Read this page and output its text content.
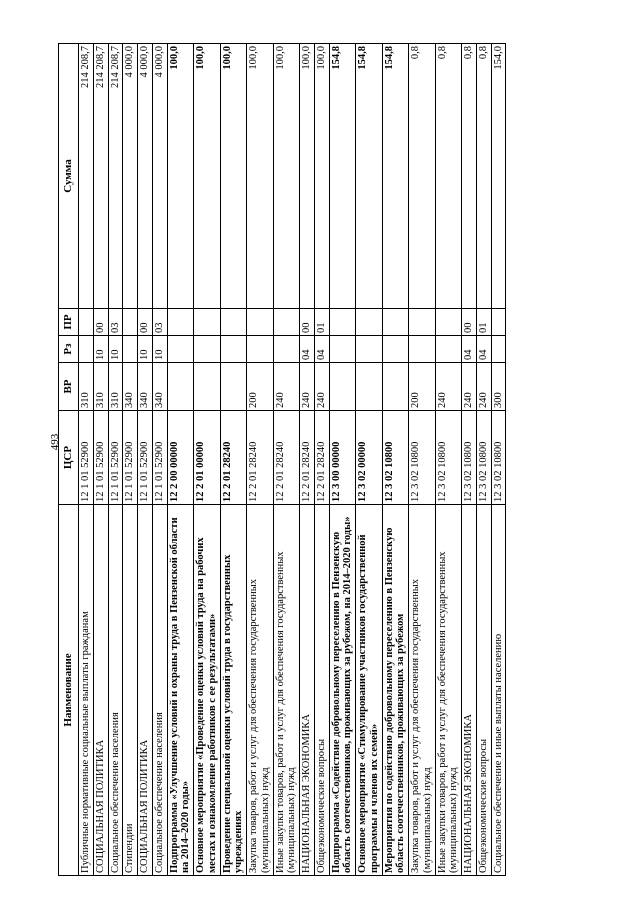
493
Наименование	ЦСР	ВР	Рз	ПР	Сумма
Публичные нормативные социальные выплаты гражданам	12 1 01 52900	310			214 208,7
СОЦИАЛЬНАЯ ПОЛИТИКА	12 1 01 52900	310	10	00	214 208,7
Социальное обеспечение населения	12 1 01 52900	310	10	03	214 208,7
Стипендии	12 1 01 52900	340			4 000,0
СОЦИАЛЬНАЯ ПОЛИТИКА	12 1 01 52900	340	10	00	4 000,0
Социальное обеспечение населения	12 1 01 52900	340	10	03	4 000,0
Подпрограмма «Улучшение условий и охраны труда в Пензенской области на 2014–2020 годы»	12 2 00 00000				100,0
Основное мероприятие «Проведение оценки условий труда на рабочих местах и ознакомление работников с ее результатами»	12 2 01 00000				100,0
Проведение специальной оценки условий труда в государственных учреждениях	12 2 01 28240				100,0
Закупка товаров, работ и услуг для обеспечения государственных (муниципальных) нужд	12 2 01 28240	200			100,0
Иные закупки товаров, работ и услуг для обеспечения государственных (муниципальных) нужд	12 2 01 28240	240			100,0
НАЦИОНАЛЬНАЯ ЭКОНОМИКА	12 2 01 28240	240	04	00	100,0
Общеэкономические вопросы	12 2 01 28240	240	04	01	100,0
Подпрограмма «Содействие добровольному переселению в Пензенскую область соотечественников, проживающих за рубежом, на 2014–2020 годы»	12 3 00 00000				154,8
Основное мероприятие «Стимулирование участников государственной программы и членов их семей»	12 3 02 00000				154,8
Мероприятия по содействию добровольному переселению в Пензенскую область соотечественников, проживающих за рубежом	12 3 02 10800				154,8
Закупка товаров, работ и услуг для обеспечения государственных (муниципальных) нужд	12 3 02 10800	200			0,8
Иные закупки товаров, работ и услуг для обеспечения государственных (муниципальных) нужд	12 3 02 10800	240			0,8
НАЦИОНАЛЬНАЯ ЭКОНОМИКА	12 3 02 10800	240	04	00	0,8
Общеэкономические вопросы	12 3 02 10800	240	04	01	0,8
Социальное обеспечение и иные выплаты населению	12 3 02 10800	300			154,0
